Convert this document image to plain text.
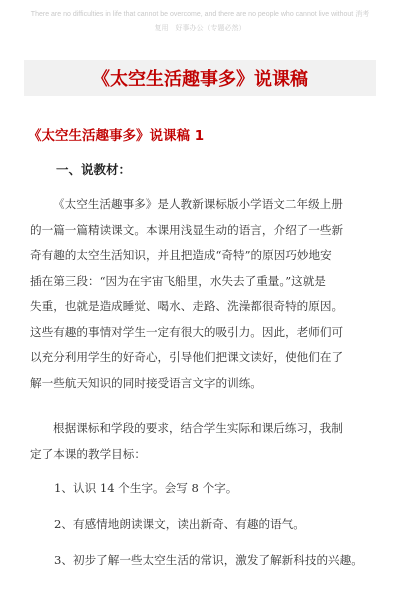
There are no difficulties in life that cannot be overcome, and there are no people who cannot live without 消考
复用　好事办公（专题必然）
《太空生活趣事多》说课稿
《太空生活趣事多》说课稿 1
一、说教材：
《太空生活趣事多》是人教新课标版小学语文二年级上册
的一篇一篇精读课文。本课用浅显生动的语言，介绍了一些新
奇有趣的太空生活知识，并且把造成“奇特”的原因巧妙地安
插在第三段：“因为在宇宙飞船里，水失去了重量。”这就是
失重，也就是造成睡觉、喝水、走路、洗澡都很奇特的原因。
这些有趣的事情对学生一定有很大的吸引力。因此，老师们可
以充分利用学生的好奇心，引导他们把课文读好，使他们在了
解一些航天知识的同时接受语言文字的训练。
根据课标和学段的要求，结合学生实际和课后练习，我制
定了本课的教学目标：
1、认识 14 个生字。会写 8 个字。
2、有感情地朗读课文，读出新奇、有趣的语气。
3、初步了解一些太空生活的常识，激发了解新科技的兴趣。
